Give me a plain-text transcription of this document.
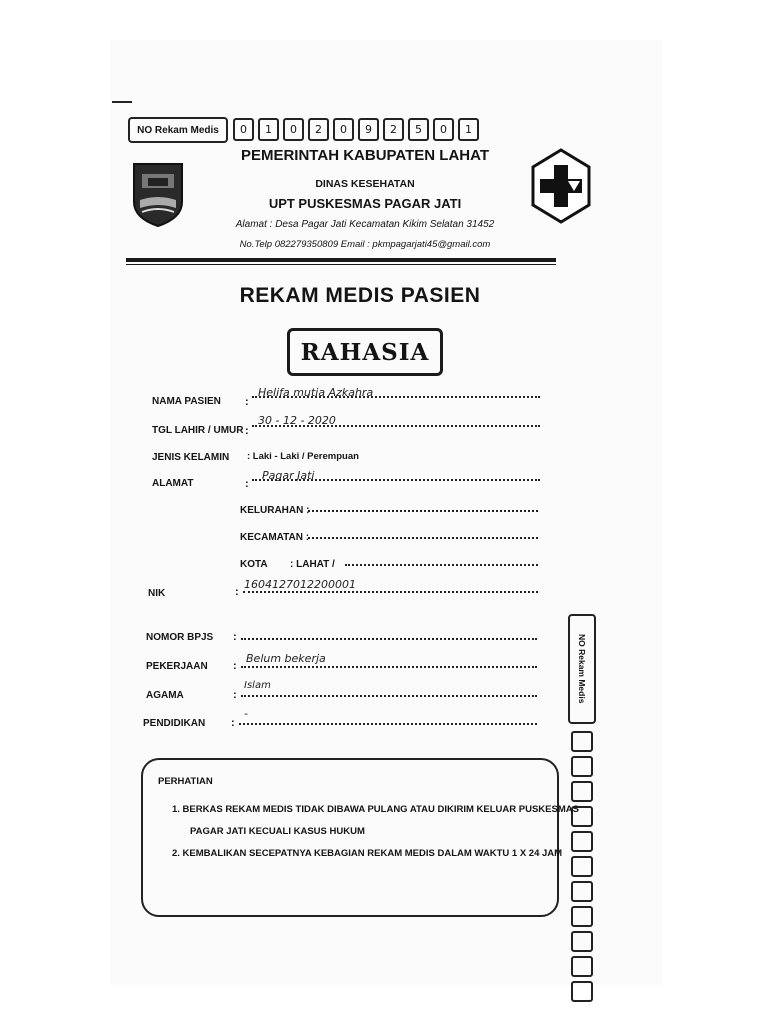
NO Rekam Medis	0	1	0	2	0	9	2	5	0	1
PEMERINTAH KABUPATEN LAHAT
DINAS KESEHATAN
UPT PUSKESMAS PAGAR JATI
Alamat : Desa Pagar Jati Kecamatan Kikim Selatan 31452
No.Telp 082279350809 Email : pkmpagarjati45@gmail.com
REKAM MEDIS PASIEN
RAHASIA
NAMA PASIEN :
Helifa mutia Azkahra
TGL LAHIR / UMUR :
30 - 12 - 2020
JENIS KELAMIN : Laki - Laki / Perempuan
ALAMAT	:
Pagar Jati
KELURAHAN :
KECAMATAN :
KOTA : LAHAT /
NIK	:
1604127012200001
NOMOR BPJS :
PEKERJAAN :
Belum bekerja
AGAMA	:
Islam
PENDIDIKAN :
-
NO Rekam Medis
PERHATIAN
1. BERKAS REKAM MEDIS TIDAK DIBAWA PULANG ATAU DIKIRIM KELUAR PUSKESMAS
PAGAR JATI KECUALI KASUS HUKUM
2. KEMBALIKAN SECEPATNYA KEBAGIAN REKAM MEDIS DALAM WAKTU 1 X 24 JAM
